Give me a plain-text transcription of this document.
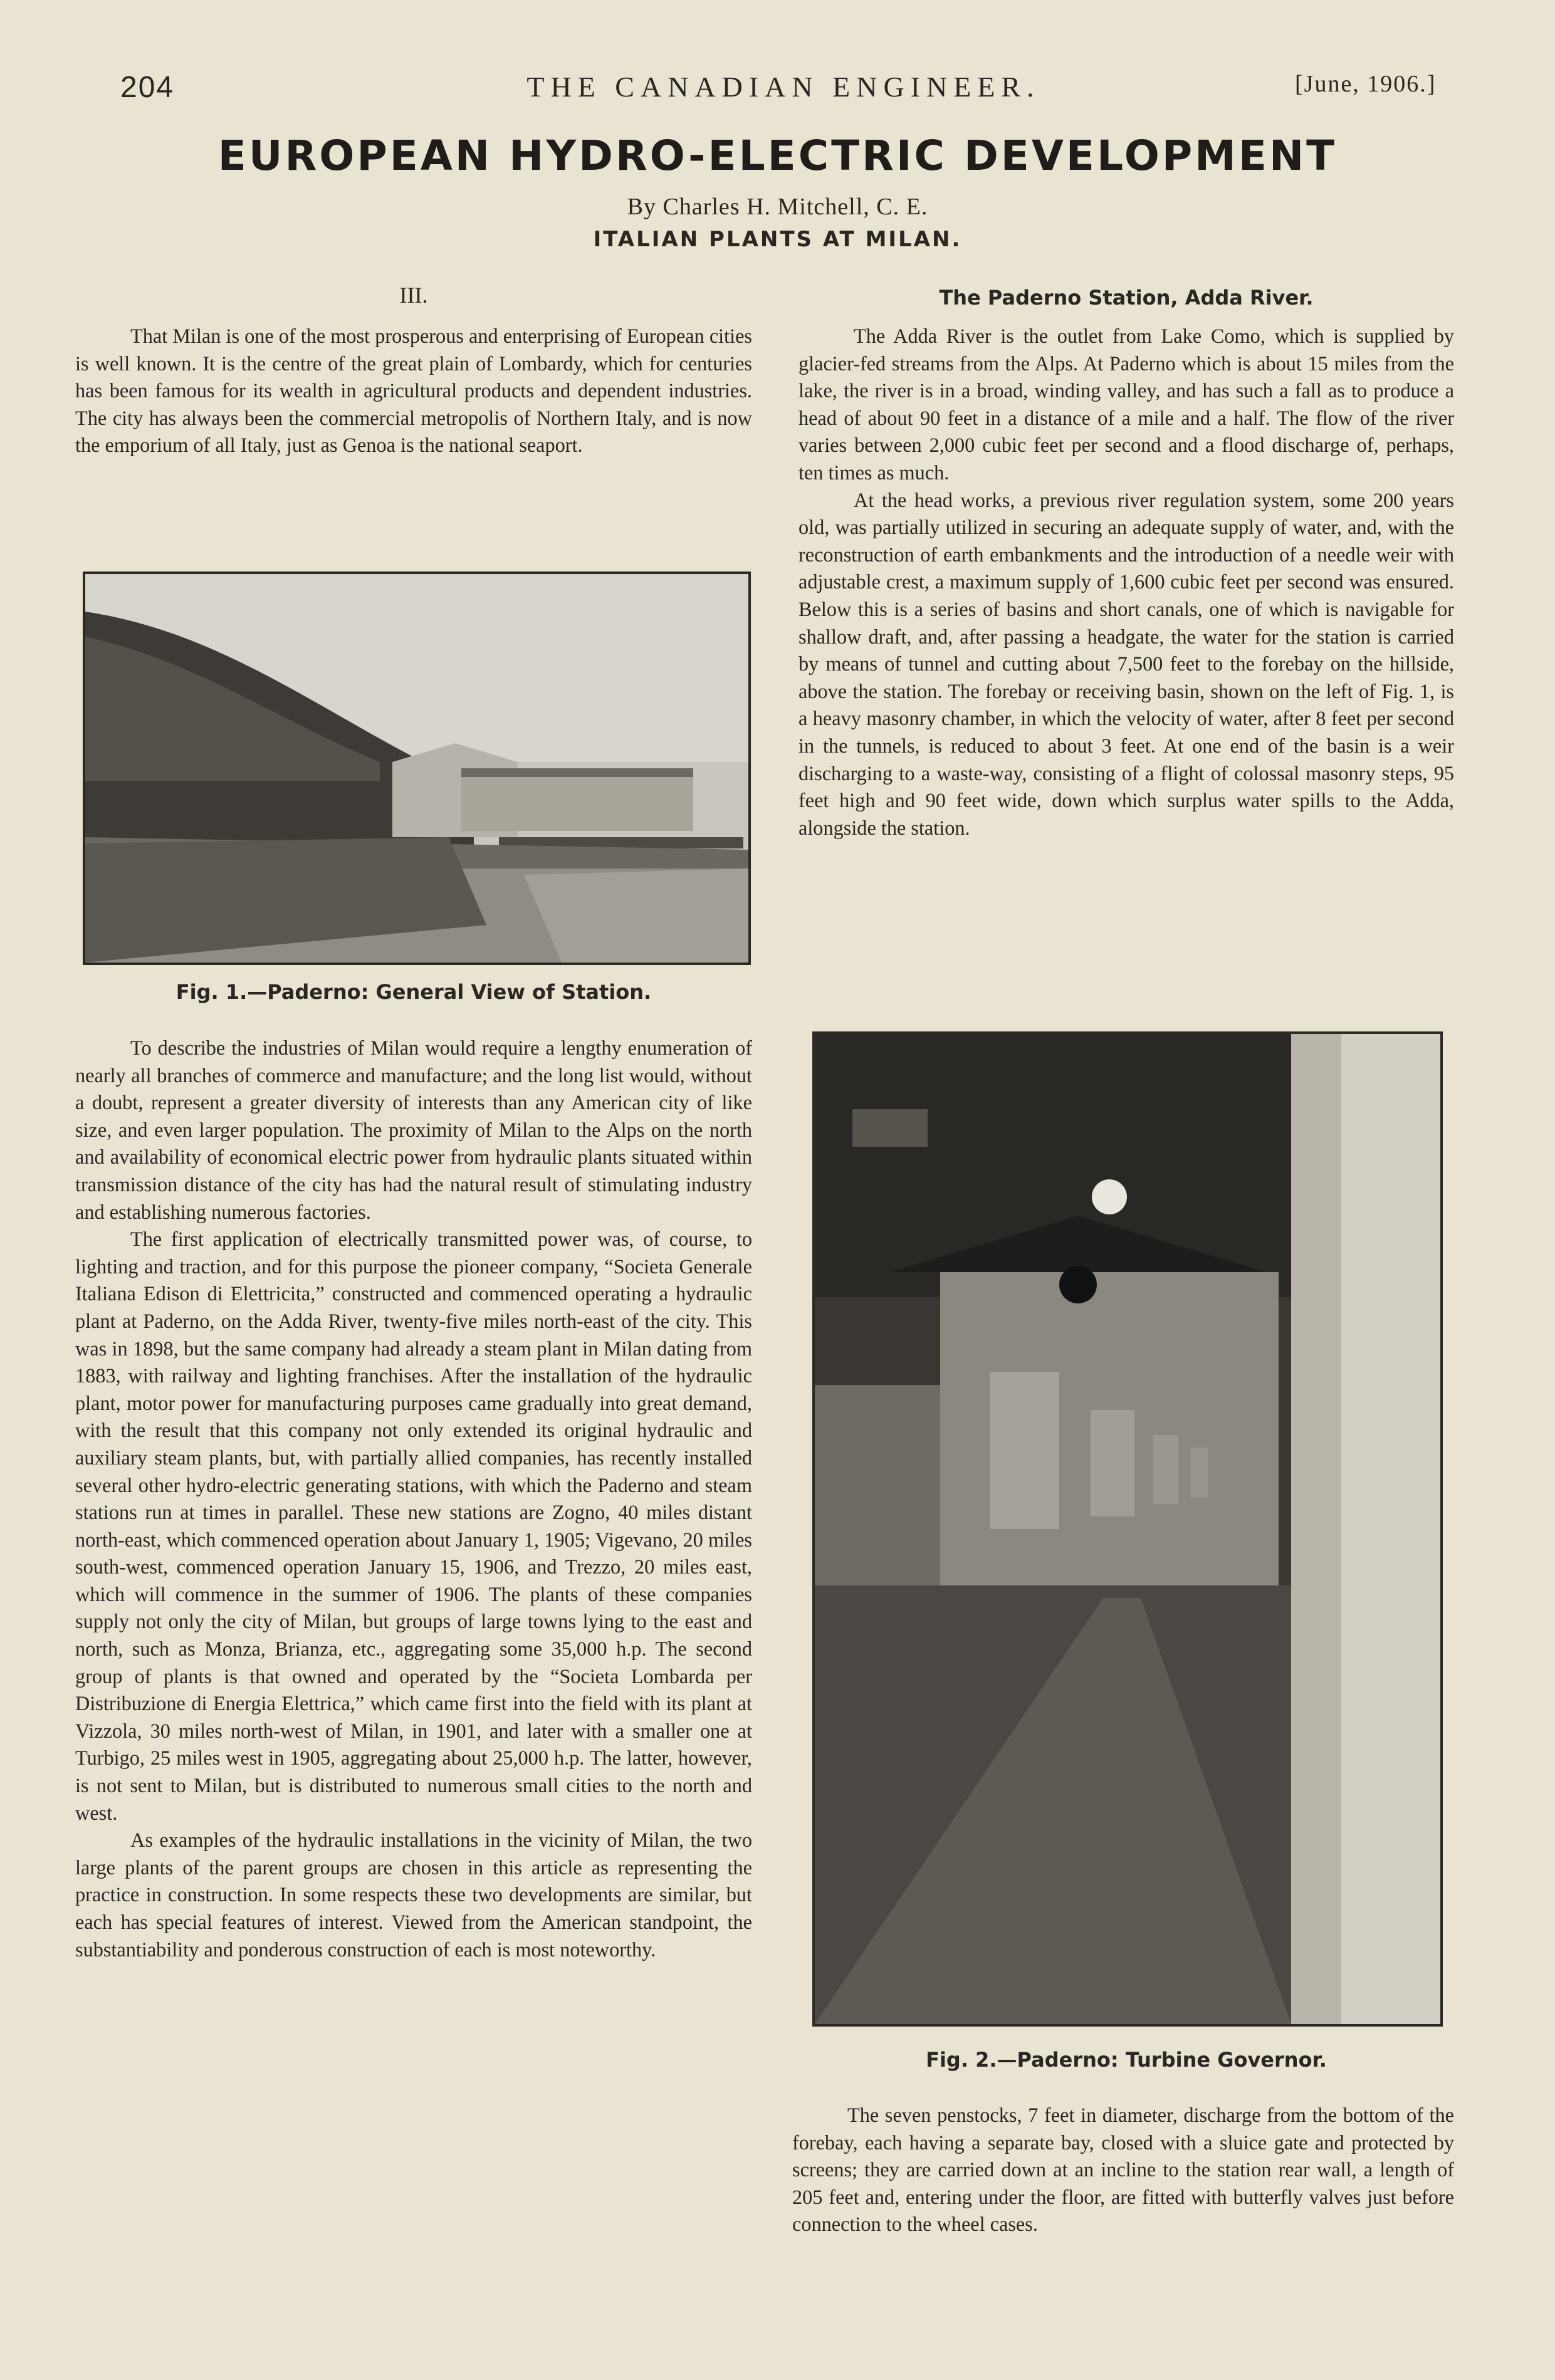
204	THE CANADIAN ENGINEER.	[June, 1906.]
EUROPEAN HYDRO-ELECTRIC DEVELOPMENT
By Charles H. Mitchell, C. E.
ITALIAN PLANTS AT MILAN.
III.

That Milan is one of the most prosperous and enterprising of European cities is well known. It is the centre of the great plain of Lombardy, which for centuries has been famous for its wealth in agricultural products and dependent industries. The city has always been the commercial metropolis of Northern Italy, and is now the emporium of all Italy, just as Genoa is the national seaport.

Fig. 1.—Paderno: General View of Station.

To describe the industries of Milan would require a lengthy enumeration of nearly all branches of commerce and manufacture; and the long list would, without a doubt, represent a greater diversity of interests than any American city of like size, and even larger population. The proximity of Milan to the Alps on the north and availability of economical electric power from hydraulic plants situated within transmission distance of the city has had the natural result of stimulating industry and establishing numerous factories.

The first application of electrically transmitted power was, of course, to lighting and traction, and for this purpose the pioneer company, “Societa Generale Italiana Edison di Elettricita,” constructed and commenced operating a hydraulic plant at Paderno, on the Adda River, twenty-five miles north-east of the city. This was in 1898, but the same company had already a steam plant in Milan dating from 1883, with railway and lighting franchises. After the installation of the hydraulic plant, motor power for manufacturing purposes came gradually into great demand, with the result that this company not only extended its original hydraulic and auxiliary steam plants, but, with partially allied companies, has recently installed several other hydro-electric generating stations, with which the Paderno and steam stations run at times in parallel. These new stations are Zogno, 40 miles distant north-east, which commenced operation about January 1, 1905; Vigevano, 20 miles south-west, commenced operation January 15, 1906, and Trezzo, 20 miles east, which will commence in the summer of 1906. The plants of these companies supply not only the city of Milan, but groups of large towns lying to the east and north, such as Monza, Brianza, etc., aggregating some 35,000 h.p. The second group of plants is that owned and operated by the “Societa Lombarda per Distribuzione di Energia Elettrica,” which came first into the field with its plant at Vizzola, 30 miles north-west of Milan, in 1901, and later with a smaller one at Turbigo, 25 miles west in 1905, aggregating about 25,000 h.p. The latter, however, is not sent to Milan, but is distributed to numerous small cities to the north and west.

As examples of the hydraulic installations in the vicinity of Milan, the two large plants of the parent groups are chosen in this article as representing the practice in construction. In some respects these two developments are similar, but each has special features of interest. Viewed from the American standpoint, the substantiability and ponderous construction of each is most noteworthy.

The Paderno Station, Adda River.

The Adda River is the outlet from Lake Como, which is supplied by glacier-fed streams from the Alps. At Paderno which is about 15 miles from the lake, the river is in a broad, winding valley, and has such a fall as to produce a head of about 90 feet in a distance of a mile and a half. The flow of the river varies between 2,000 cubic feet per second and a flood discharge of, perhaps, ten times as much.

At the head works, a previous river regulation system, some 200 years old, was partially utilized in securing an adequate supply of water, and, with the reconstruction of earth embankments and the introduction of a needle weir with adjustable crest, a maximum supply of 1,600 cubic feet per second was ensured. Below this is a series of basins and short canals, one of which is navigable for shallow draft, and, after passing a headgate, the water for the station is carried by means of tunnel and cutting about 7,500 feet to the forebay on the hillside, above the station. The forebay or receiving basin, shown on the left of Fig. 1, is a heavy masonry chamber, in which the velocity of water, after 8 feet per second in the tunnels, is reduced to about 3 feet. At one end of the basin is a weir discharging to a waste-way, consisting of a flight of colossal masonry steps, 95 feet high and 90 feet wide, down which surplus water spills to the Adda, alongside the station.

Fig. 2.—Paderno: Turbine Governor.

The seven penstocks, 7 feet in diameter, discharge from the bottom of the forebay, each having a separate bay, closed with a sluice gate and protected by screens; they are carried down at an incline to the station rear wall, a length of 205 feet and, entering under the floor, are fitted with butterfly valves just before connection to the wheel cases.
